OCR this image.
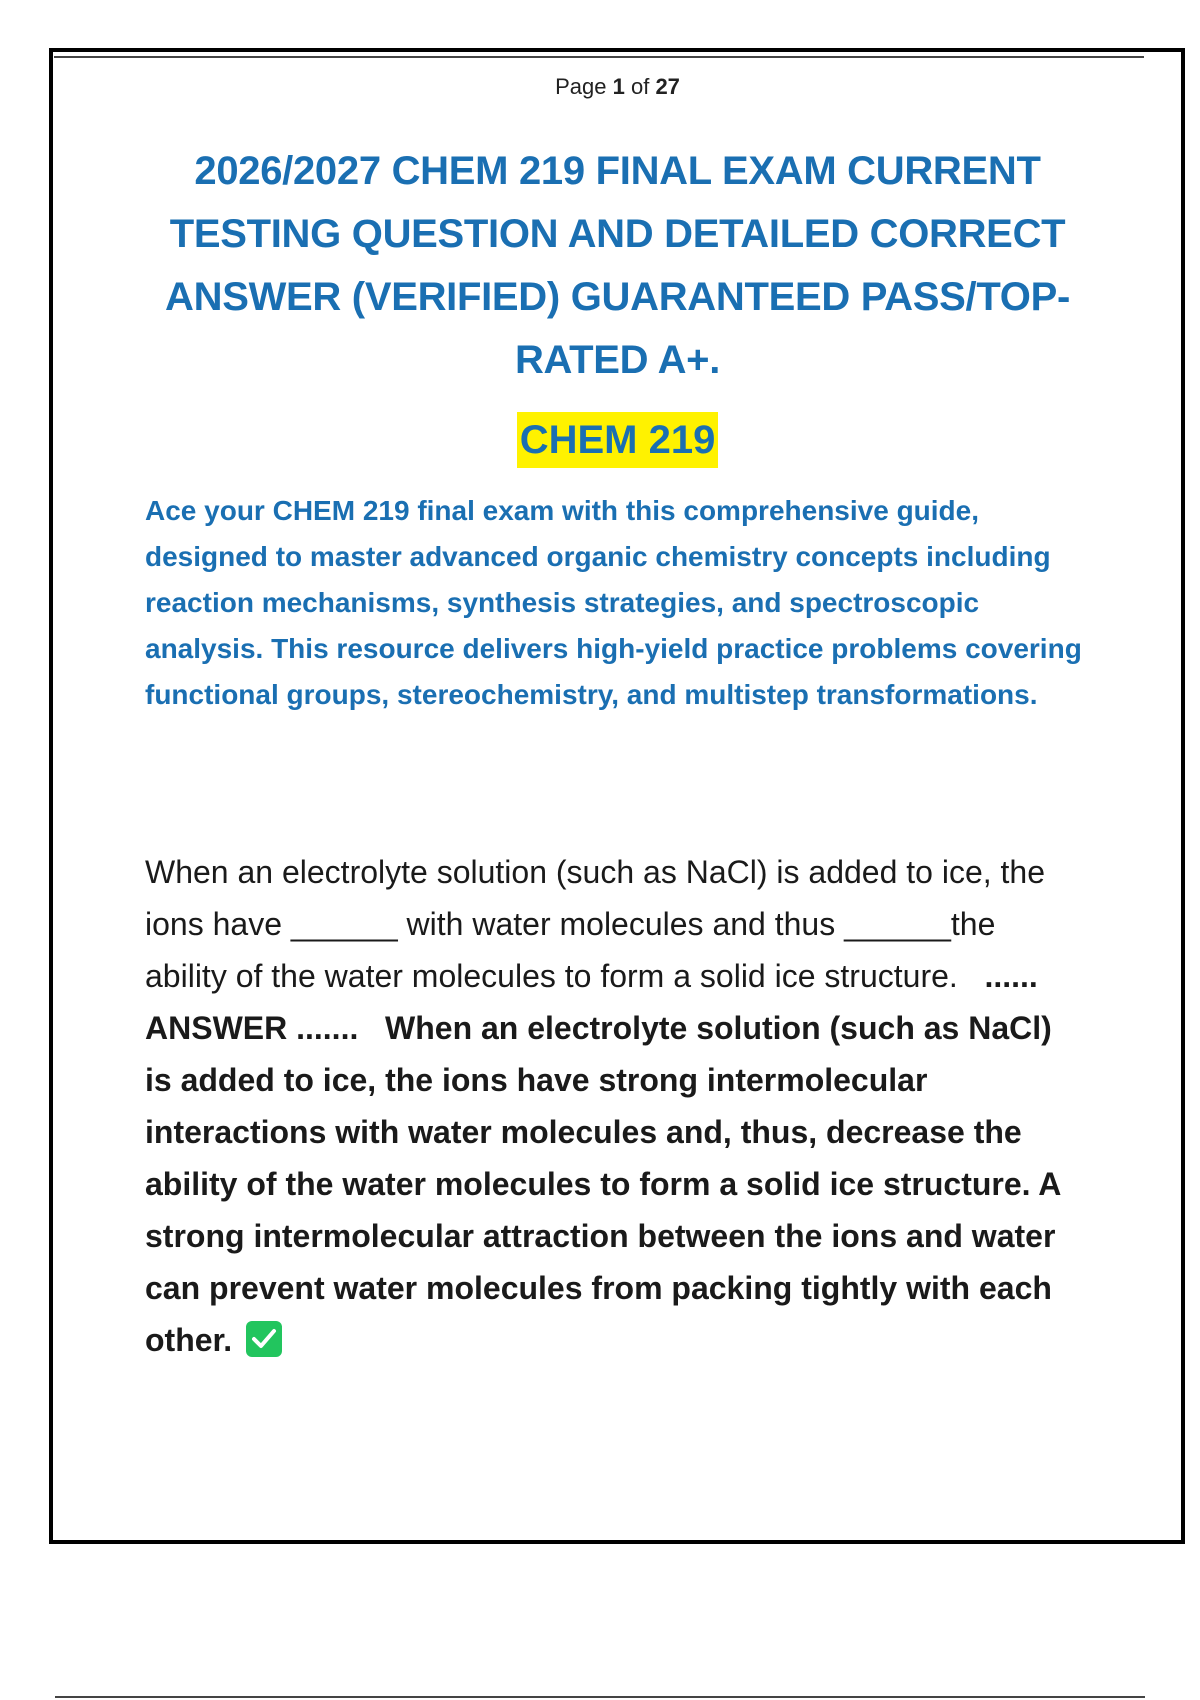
Page 1 of 27
2026/2027 CHEM 219 FINAL EXAM CURRENT TESTING QUESTION AND DETAILED CORRECT ANSWER (VERIFIED) GUARANTEED PASS/TOP-RATED A+.
CHEM 219
Ace your CHEM 219 final exam with this comprehensive guide, designed to master advanced organic chemistry concepts including reaction mechanisms, synthesis strategies, and spectroscopic analysis. This resource delivers high-yield practice problems covering functional groups, stereochemistry, and multistep transformations.
When an electrolyte solution (such as NaCl) is added to ice, the ions have ______ with water molecules and thus ______the ability of the water molecules to form a solid ice structure. ...... ANSWER ....... When an electrolyte solution (such as NaCl) is added to ice, the ions have strong intermolecular interactions with water molecules and, thus, decrease the ability of the water molecules to form a solid ice structure. A strong intermolecular attraction between the ions and water can prevent water molecules from packing tightly with each other.
